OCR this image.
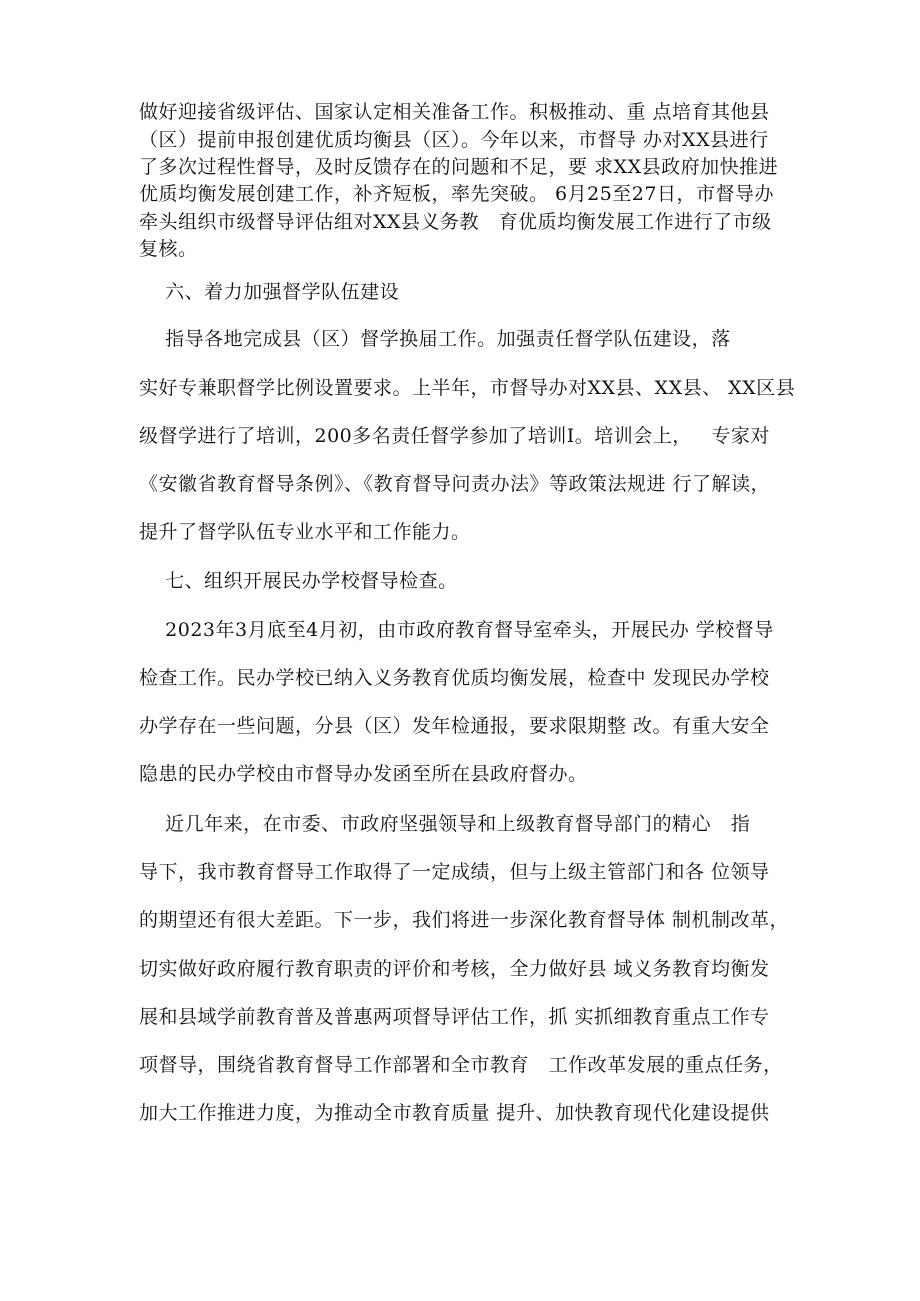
做好迎接省级评估、国家认定相关准备工作。积极推动、重 点培育其他县
（区）提前申报创建优质均衡县（区）。今年以来，市督导 办对XX县进行
了多次过程性督导，及时反馈存在的问题和不足，要 求XX县政府加快推进
优质均衡发展创建工作，补齐短板，率先突破。 6月25至27日，市督导办
牵头组织市级督导评估组对XX县义务教   育优质均衡发展工作进行了市级
复核。
六、着力加强督学队伍建设
指导各地完成县（区）督学换届工作。加强责任督学队伍建设，落
实好专兼职督学比例设置要求。上半年，市督导办对XX县、XX县、 XX区县
级督学进行了培训，200多名责任督学参加了培训I。培训会上，   专家对
《安徽省教育督导条例》、《教育督导问责办法》等政策法规进 行了解读，
提升了督学队伍专业水平和工作能力。
七、组织开展民办学校督导检查。
2023年3月底至4月初，由市政府教育督导室牵头，开展民办 学校督导
检查工作。民办学校已纳入义务教育优质均衡发展，检查中 发现民办学校
办学存在一些问题，分县（区）发年检通报，要求限期整 改。有重大安全
隐患的民办学校由市督导办发函至所在县政府督办。
近几年来，在市委、市政府坚强领导和上级教育督导部门的精心   指
导下，我市教育督导工作取得了一定成绩，但与上级主管部门和各 位领导
的期望还有很大差距。下一步，我们将进一步深化教育督导体 制机制改革，
切实做好政府履行教育职责的评价和考核，全力做好县 域义务教育均衡发
展和县域学前教育普及普惠两项督导评估工作，抓 实抓细教育重点工作专
项督导，围绕省教育督导工作部署和全市教育   工作改革发展的重点任务，
加大工作推进力度，为推动全市教育质量 提升、加快教育现代化建设提供
